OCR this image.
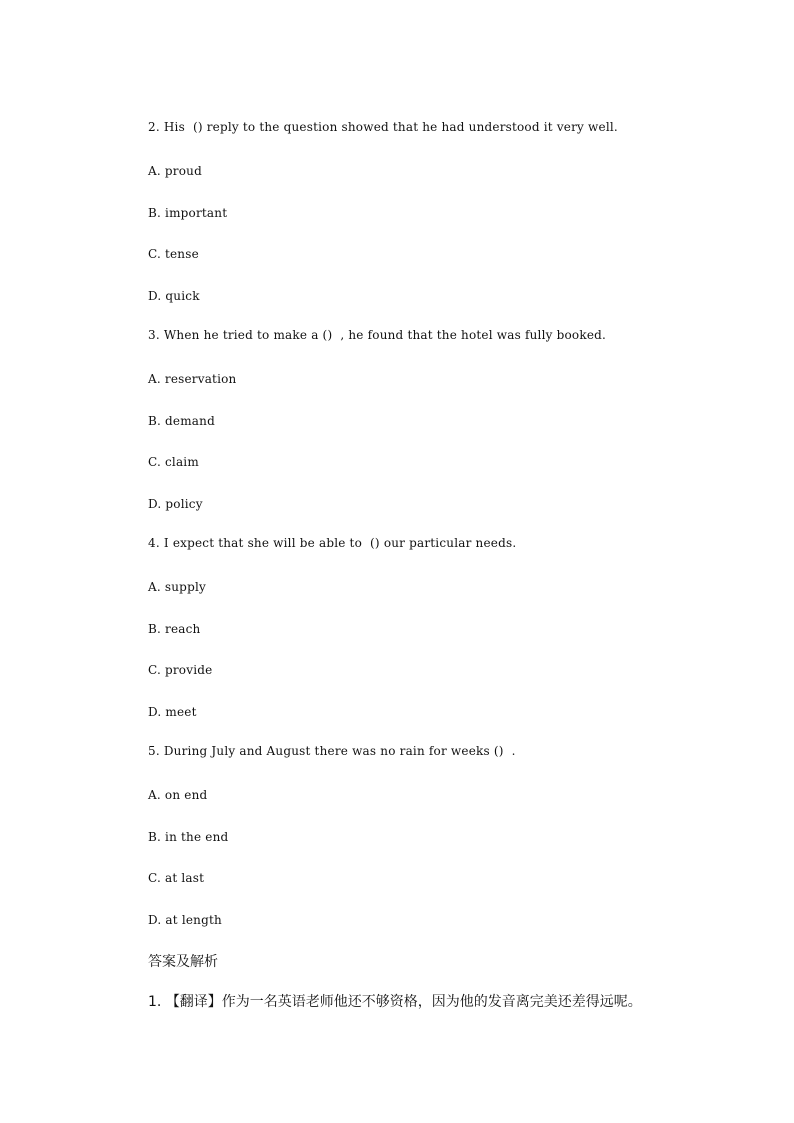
2. His  () reply to the question showed that he had understood it very well.
A. proud
B. important
C. tense
D. quick
3. When he tried to make a ()  , he found that the hotel was fully booked.
A. reservation
B. demand
C. claim
D. policy
4. I expect that she will be able to  () our particular needs.
A. supply
B. reach
C. provide
D. meet
5. During July and August there was no rain for weeks ()  .
A. on end
B. in the end
C. at last
D. at length
答案及解析
1. 【翻译】作为一名英语老师他还不够资格，因为他的发音离完美还差得远呢。
